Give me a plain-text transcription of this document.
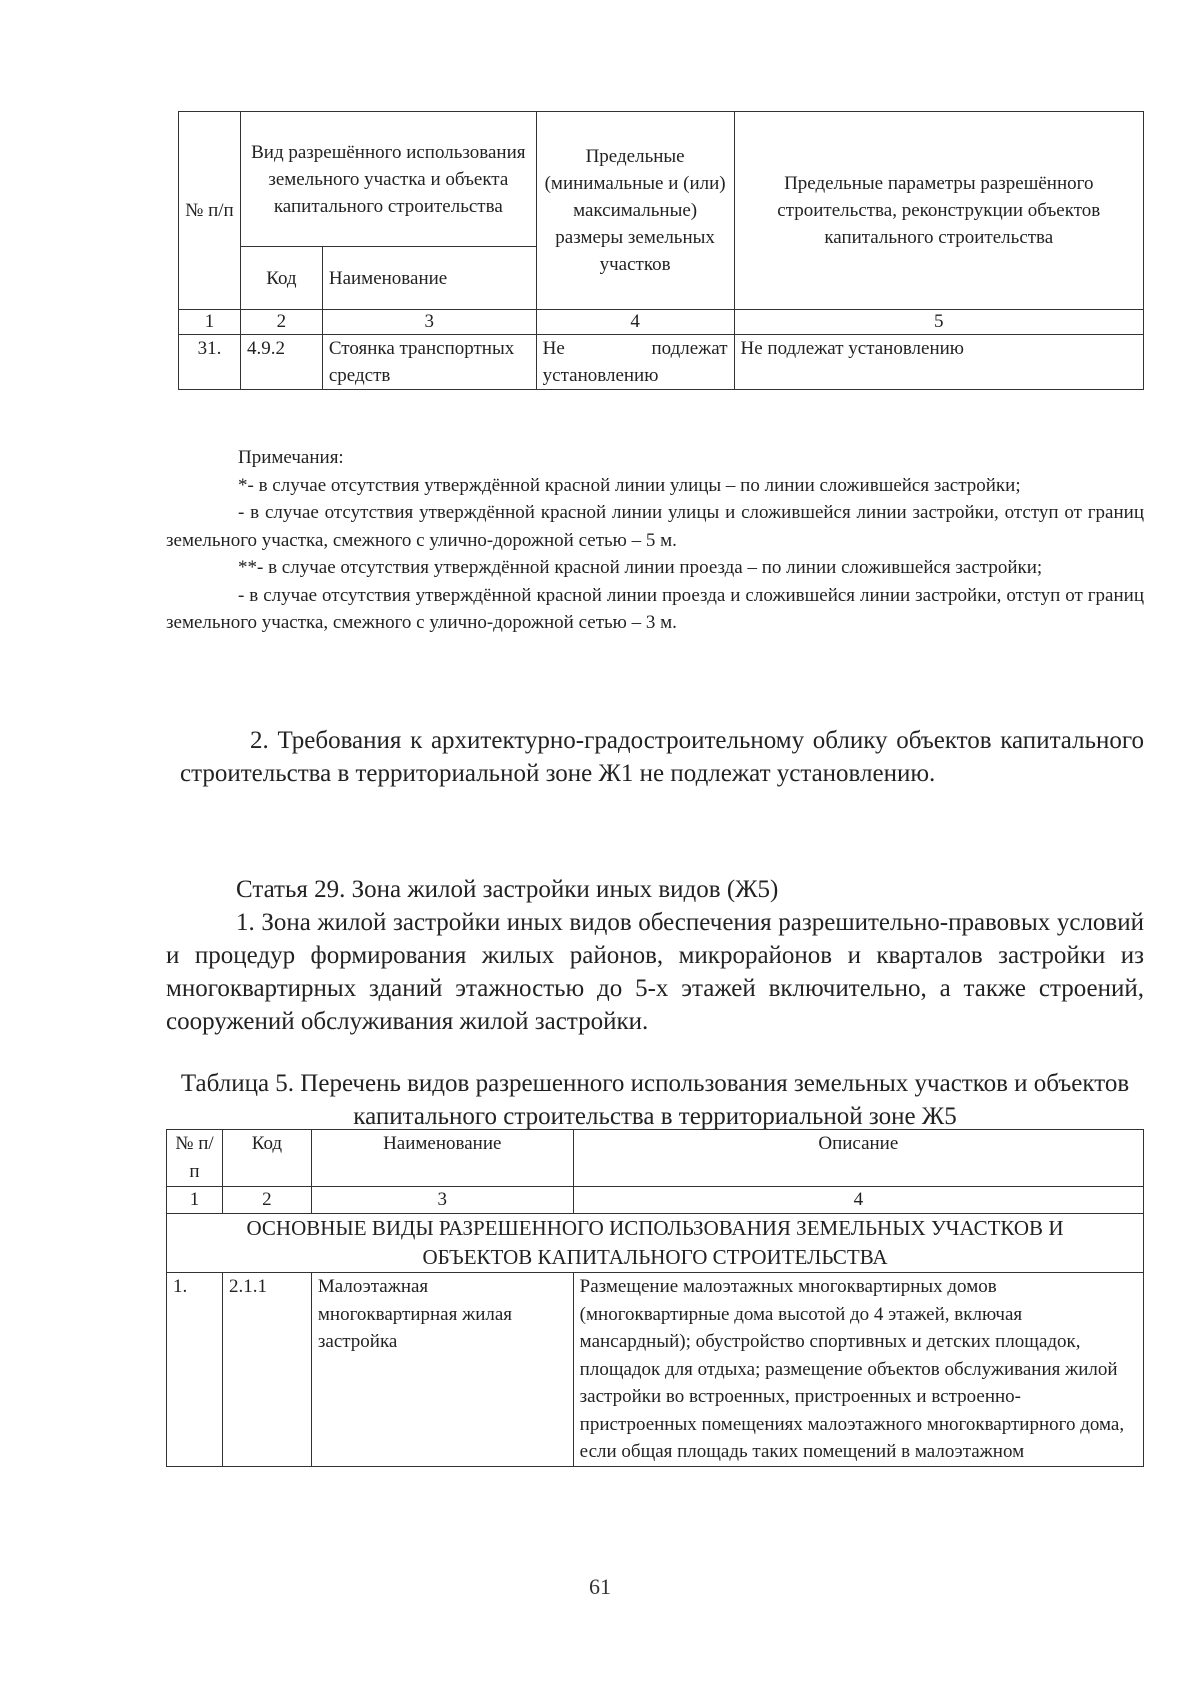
№ п/п	Вид разрешённого использования земельного участка и объекта капитального строительства		Предельные (минимальные и (или) максимальные) размеры земельных участков	Предельные параметры разрешённого строительства, реконструкции объектов капитального строительства
	Код	Наименование		
1	2	3	4	5
31.	4.9.2	Стоянка транспортных средств	Не подлежат установлению	Не подлежат установлению

Примечания:

*- в случае отсутствия утверждённой красной линии улицы – по линии сложившейся застройки;

- в случае отсутствия утверждённой красной линии улицы и сложившейся линии застройки, отступ от границ земельного участка, смежного с улично-дорожной сетью – 5 м.

**- в случае отсутствия утверждённой красной линии проезда – по линии сложившейся застройки;

- в случае отсутствия утверждённой красной линии проезда и сложившейся линии застройки, отступ от границ земельного участка, смежного с улично-дорожной сетью – 3 м.

2. Требования к архитектурно-градостроительному облику объектов капитального строительства в территориальной зоне Ж1 не подлежат установлению.

Статья 29. Зона жилой застройки иных видов (Ж5)

1. Зона жилой застройки иных видов обеспечения разрешительно-правовых условий и процедур формирования жилых районов, микрорайонов и кварталов застройки из многоквартирных зданий этажностью до 5-х этажей включительно, а также строений, сооружений обслуживания жилой застройки.

Таблица 5. Перечень видов разрешенного использования земельных участков и объектов капитального строительства в территориальной зоне Ж5
№ п/п	Код	Наименование	Описание
1	2	3	4
ОСНОВНЫЕ ВИДЫ РАЗРЕШЕННОГО ИСПОЛЬЗОВАНИЯ ЗЕМЕЛЬНЫХ УЧАСТКОВ И ОБЪЕКТОВ КАПИТАЛЬНОГО СТРОИТЕЛЬСТВА			
1.	2.1.1	Малоэтажная многоквартирная жилая застройка	Размещение малоэтажных многоквартирных домов (многоквартирные дома высотой до 4 этажей, включая мансардный); обустройство спортивных и детских площадок, площадок для отдыха; размещение объектов обслуживания жилой застройки во встроенных, пристроенных и встроенно-пристроенных помещениях малоэтажного многоквартирного дома, если общая площадь таких помещений в малоэтажном
61
